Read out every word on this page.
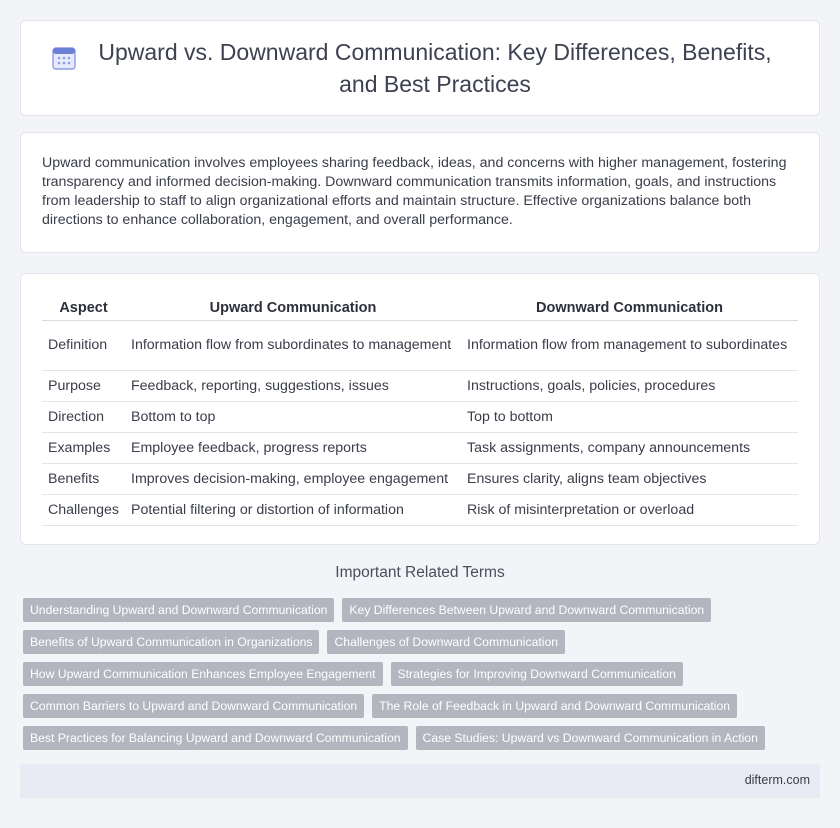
Upward vs. Downward Communication: Key Differences, Benefits, and Best Practices

Upward communication involves employees sharing feedback, ideas, and concerns with higher management, fostering transparency and informed decision-making. Downward communication transmits information, goals, and instructions from leadership to staff to align organizational efforts and maintain structure. Effective organizations balance both directions to enhance collaboration, engagement, and overall performance.

Aspect	Upward Communication	Downward Communication
Definition	Information flow from subordinates to management	Information flow from management to subordinates
Purpose	Feedback, reporting, suggestions, issues	Instructions, goals, policies, procedures
Direction	Bottom to top	Top to bottom
Examples	Employee feedback, progress reports	Task assignments, company announcements
Benefits	Improves decision-making, employee engagement	Ensures clarity, aligns team objectives
Challenges	Potential filtering or distortion of information	Risk of misinterpretation or overload
Important Related Terms
Understanding Upward and Downward Communication	Key Differences Between Upward and Downward Communication
Benefits of Upward Communication in Organizations	Challenges of Downward Communication
How Upward Communication Enhances Employee Engagement	Strategies for Improving Downward Communication
Common Barriers to Upward and Downward Communication	The Role of Feedback in Upward and Downward Communication
Best Practices for Balancing Upward and Downward Communication	Case Studies: Upward vs Downward Communication in Action
difterm.com
